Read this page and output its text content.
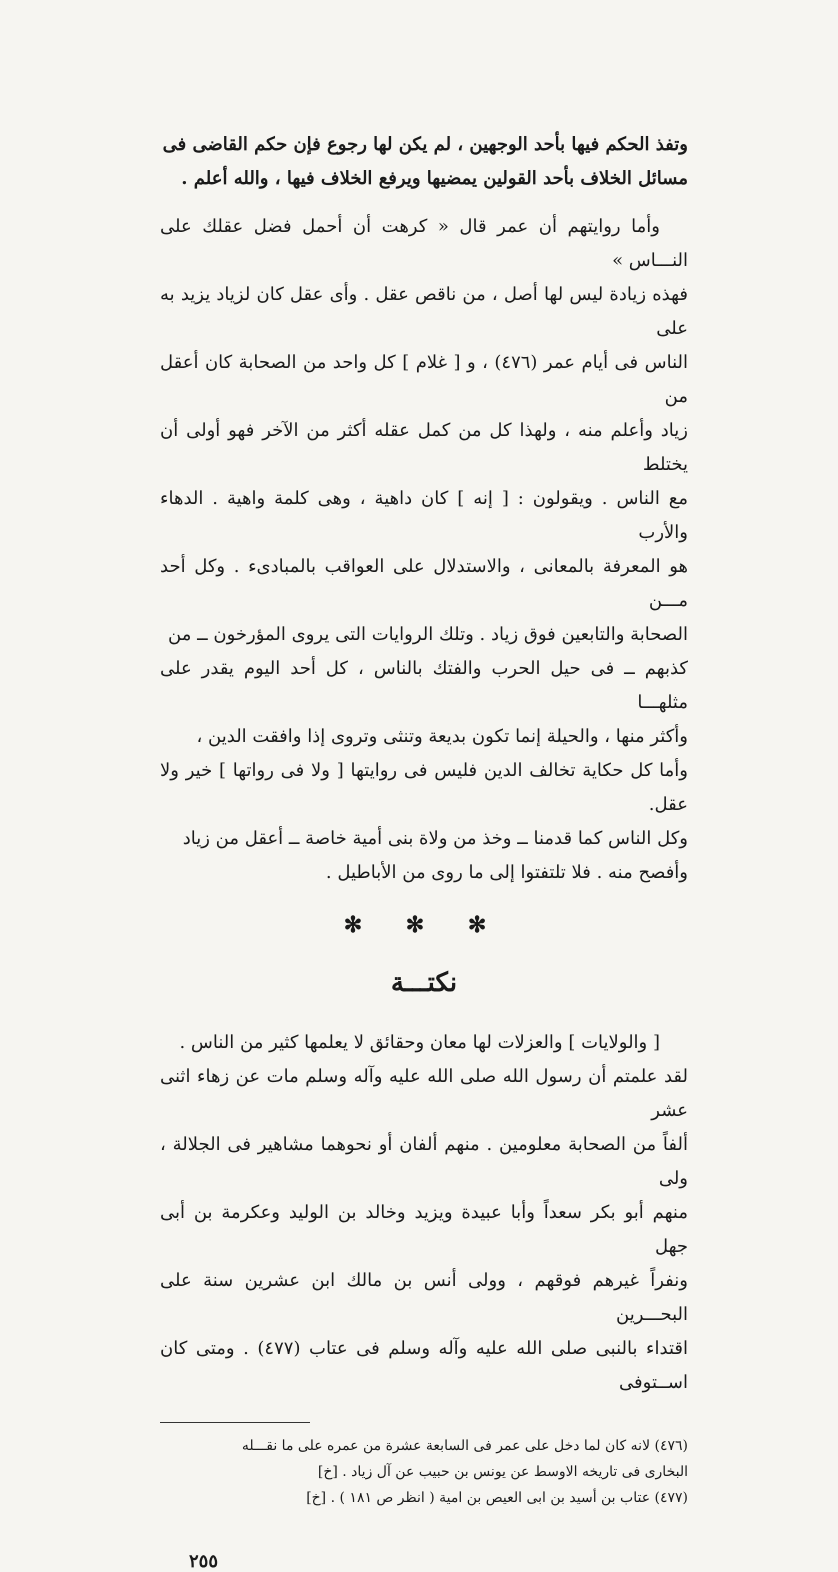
وتفذ الحكم فيها بأحد الوجهين ، لم يكن لها رجوع فإن حكم القاضى فى

مسائل الخلاف بأحد القولين يمضيها ويرفع الخلاف فيها ، والله أعلم .

وأما روايتهم أن عمر قال « كرهت أن أحمل فضل عقلك على النـــاس »

فهذه زيادة ليس لها أصل ، من ناقص عقل . وأى عقل كان لزياد يزيد به على

الناس فى أيام عمر (٤٧٦) ، و [ غلام ] كل واحد من الصحابة كان أعقل من

زياد وأعلم منه ، ولهذا كل من كمل عقله أكثر من الآخر فهو أولى أن يختلط

مع الناس . ويقولون : [ إنه ] كان داهية ، وهى كلمة واهية . الدهاء والأرب

هو المعرفة بالمعانى ، والاستدلال على العواقب بالمبادىء . وكل أحد مـــن

الصحابة والتابعين فوق زياد . وتلك الروايات التى يروى المؤرخون ــ من

كذبهم ــ فى حيل الحرب والفتك بالناس ، كل أحد اليوم يقدر على مثلهـــا

وأكثر منها ، والحيلة إنما تكون بديعة وتنثى وتروى إذا وافقت الدين ،

وأما كل حكاية تخالف الدين فليس فى روايتها [ ولا فى رواتها ] خير ولا عقل.

وكل الناس كما قدمنا ــ وخذ من ولاة بنى أمية خاصة ــ أعقل من زياد

وأفصح منه . فلا تلتفتوا إلى ما روى من الأباطيل .

✻ ✻ ✻
نكتـــة

[ والولايات ] والعزلات لها معان وحقائق لا يعلمها كثير من الناس .

لقد علمتم أن رسول الله صلى الله عليه وآله وسلم مات عن زهاء اثنى عشر

ألفاً من الصحابة معلومين . منهم ألفان أو نحوهما مشاهير فى الجلالة ، ولى

منهم أبو بكر سعداً وأبا عبيدة ويزيد وخالد بن الوليد وعكرمة بن أبى جهل

ونفراً غيرهم فوقهم ، وولى أنس بن مالك ابن عشرين سنة على البحـــرين

اقتداء بالنبى صلى الله عليه وآله وسلم فى عتاب (٤٧٧) . ومتى كان اســتوفى

(٤٧٦) لانه كان لما دخل على عمر فى السابعة عشرة من عمره على ما نقـــله

البخارى فى تاريخه الاوسط عن يونس بن حبيب عن آل زياد . [خ]

(٤٧٧) عتاب بن أسيد بن ابى العيص بن امية ( انظر ص ١٨١ ) . [خ]

٢٥٥
